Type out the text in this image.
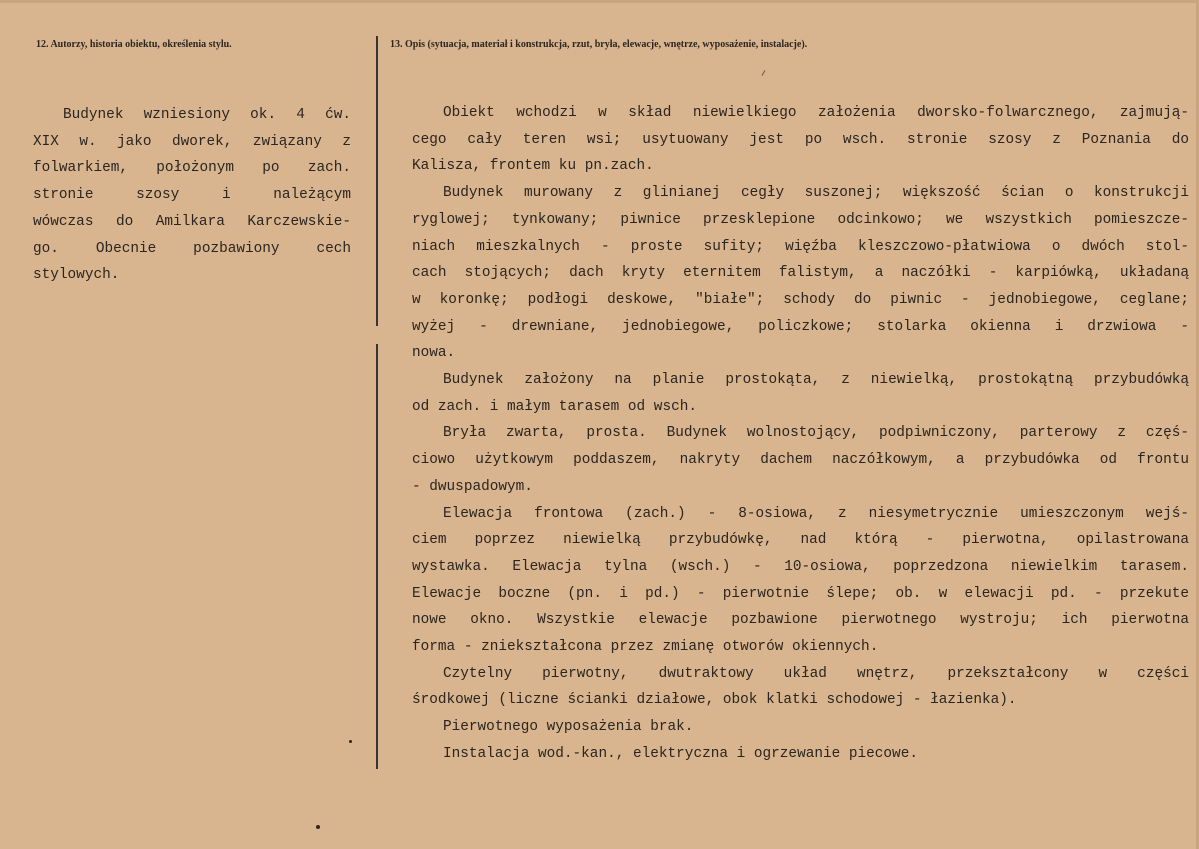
12. Autorzy, historia obiektu, określenia stylu.	13. Opis (sytuacja, materiał i konstrukcja, rzut, bryła, elewacje, wnętrze, wyposażenie, instalacje).
Budynek wzniesiony ok. 4 ćw.
XIX w. jako dworek, związany z
folwarkiem, położonym po zach.
stronie szosy i należącym
wówczas do Amilkara Karczewskie-
go. Obecnie pozbawiony cech
stylowych.
Obiekt wchodzi w skład niewielkiego założenia dworsko-folwarcznego, zajmują-
cego cały teren wsi; usytuowany jest po wsch. stronie szosy z Poznania do
Kalisza, frontem ku pn.zach.
Budynek murowany z glinianej cegły suszonej; większość ścian o konstrukcji
ryglowej; tynkowany; piwnice przesklepione odcinkowo; we wszystkich pomieszcze-
niach mieszkalnych - proste sufity; więźba kleszczowo-płatwiowa o dwóch stol-
cach stojących; dach kryty eternitem falistym, a naczółki - karpiówką, układaną
w koronkę; podłogi deskowe, "białe"; schody do piwnic - jednobiegowe, ceglane;
wyżej - drewniane, jednobiegowe, policzkowe; stolarka okienna i drzwiowa -
nowa.
Budynek założony na planie prostokąta, z niewielką, prostokątną przybudówką
od zach. i małym tarasem od wsch.
Bryła zwarta, prosta. Budynek wolnostojący, podpiwniczony, parterowy z częś-
ciowo użytkowym poddaszem, nakryty dachem naczółkowym, a przybudówka od frontu
- dwuspadowym.
Elewacja frontowa (zach.) - 8-osiowa, z niesymetrycznie umieszczonym wejś-
ciem poprzez niewielką przybudówkę, nad którą - pierwotna, opilastrowana
wystawka. Elewacja tylna (wsch.) - 10-osiowa, poprzedzona niewielkim tarasem.
Elewacje boczne (pn. i pd.) - pierwotnie ślepe; ob. w elewacji pd. - przekute
nowe okno. Wszystkie elewacje pozbawione pierwotnego wystroju; ich pierwotna
forma - zniekształcona przez zmianę otworów okiennych.
Czytelny pierwotny, dwutraktowy układ wnętrz, przekształcony w części
środkowej (liczne ścianki działowe, obok klatki schodowej - łazienka).
Pierwotnego wyposażenia brak.
Instalacja wod.-kan., elektryczna i ogrzewanie piecowe.
